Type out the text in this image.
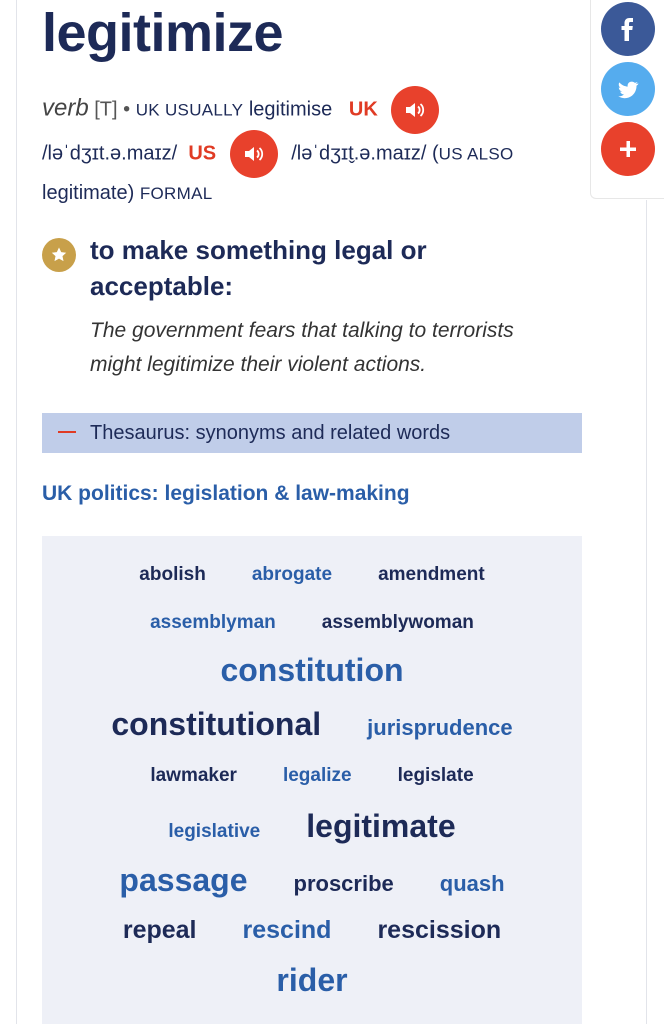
legitimize
verb [T] • UK USUALLY legitimise UK
/ləˈdʒɪt.ə.maɪz/ US	/ləˈdʒɪt̬.ə.maɪz/ (US ALSO
legitimate) FORMAL
to make something legal or acceptable:
The government fears that talking to terrorists might legitimize their violent actions.
Thesaurus: synonyms and related words
UK politics: legislation & law-making
abolish abrogate amendment
assemblyman assemblywoman
constitution
constitutional jurisprudence
lawmaker legalize legislate
legislative legitimate
passage proscribe quash
repeal rescind rescission
rider
